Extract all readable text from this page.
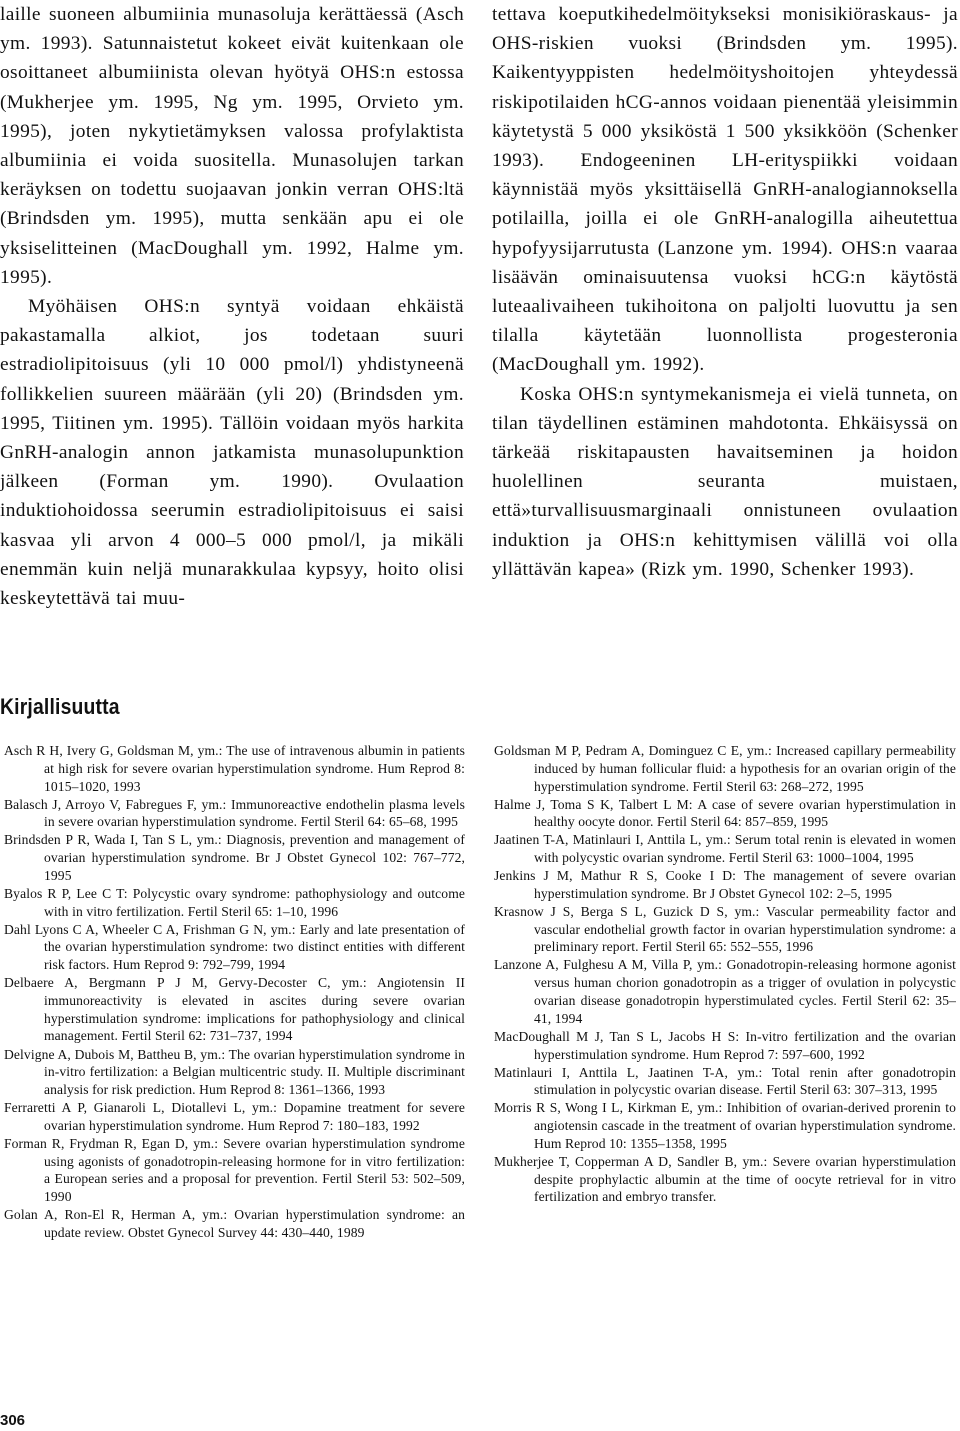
laille suoneen albumiinia munasoluja kerättäessä (Asch ym. 1993). Satunnaistetut kokeet eivät kuitenkaan ole osoittaneet albumiinista olevan hyötyä OHS:n estossa (Mukherjee ym. 1995, Ng ym. 1995, Orvieto ym. 1995), joten nykytietämyksen valossa profylaktista albumiinia ei voida suositella. Munasolujen tarkan keräyksen on todettu suojaavan jonkin verran OHS:ltä (Brindsden ym. 1995), mutta senkään apu ei ole yksiselitteinen (MacDoughall ym. 1992, Halme ym. 1995).

Myöhäisen OHS:n syntyä voidaan ehkäistä pakastamalla alkiot, jos todetaan suuri estradiolipitoisuus (yli 10 000 pmol/l) yhdistyneenä follikkelien suureen määrään (yli 20) (Brindsden ym. 1995, Tiitinen ym. 1995). Tällöin voidaan myös harkita GnRH-analogin annon jatkamista munasolupunktion jälkeen (Forman ym. 1990). Ovulaation induktiohoidossa seerumin estradiolipitoisuus ei saisi kasvaa yli arvon 4 000–5 000 pmol/l, ja mikäli enemmän kuin neljä munarakkulaa kypsyy, hoito olisi keskeytettävä tai muu-

tettava koeputkihedelmöitykseksi monisikiöraskaus- ja OHS-riskien vuoksi (Brindsden ym. 1995). Kaikentyyppisten hedelmöityshoitojen yhteydessä riskipotilaiden hCG-annos voidaan pienentää yleisimmin käytetystä 5 000 yksiköstä 1 500 yksikköön (Schenker 1993). Endogeeninen LH-erityspiikki voidaan käynnistää myös yksittäisellä GnRH-analogiannoksella potilailla, joilla ei ole GnRH-analogilla aiheutettua hypofyysijarrutusta (Lanzone ym. 1994). OHS:n vaaraa lisäävän ominaisuutensa vuoksi hCG:n käytöstä luteaalivaiheen tukihoitona on paljolti luovuttu ja sen tilalla käytetään luonnollista progesteronia (MacDoughall ym. 1992).

Koska OHS:n syntymekanismeja ei vielä tunneta, on tilan täydellinen estäminen mahdotonta. Ehkäisyssä on tärkeää riskitapausten havaitseminen ja hoidon huolellinen seuranta muistaen, että»turvallisuusmarginaali onnistuneen ovulaation induktion ja OHS:n kehittymisen välillä voi olla yllättävän kapea» (Rizk ym. 1990, Schenker 1993).

Kirjallisuutta
Asch R H, Ivery G, Goldsman M, ym.: The use of intravenous albumin in patients at high risk for severe ovarian hyperstimulation syndrome. Hum Reprod 8: 1015–1020, 1993
Balasch J, Arroyo V, Fabregues F, ym.: Immunoreactive endothelin plasma levels in severe ovarian hyperstimulation syndrome. Fertil Steril 64: 65–68, 1995
Brindsden P R, Wada I, Tan S L, ym.: Diagnosis, prevention and management of ovarian hyperstimulation syndrome. Br J Obstet Gynecol 102: 767–772, 1995
Byalos R P, Lee C T: Polycystic ovary syndrome: pathophysiology and outcome with in vitro fertilization. Fertil Steril 65: 1–10, 1996
Dahl Lyons C A, Wheeler C A, Frishman G N, ym.: Early and late presentation of the ovarian hyperstimulation syndrome: two distinct entities with different risk factors. Hum Reprod 9: 792–799, 1994
Delbaere A, Bergmann P J M, Gervy-Decoster C, ym.: Angiotensin II immunoreactivity is elevated in ascites during severe ovarian hyperstimulation syndrome: implications for pathophysiology and clinical management. Fertil Steril 62: 731–737, 1994
Delvigne A, Dubois M, Battheu B, ym.: The ovarian hyperstimulation syndrome in in-vitro fertilization: a Belgian multicentric study. II. Multiple discriminant analysis for risk prediction. Hum Reprod 8: 1361–1366, 1993
Ferraretti A P, Gianaroli L, Diotallevi L, ym.: Dopamine treatment for severe ovarian hyperstimulation syndrome. Hum Reprod 7: 180–183, 1992
Forman R, Frydman R, Egan D, ym.: Severe ovarian hyperstimulation syndrome using agonists of gonadotropin-releasing hormone for in vitro fertilization: a European series and a proposal for prevention. Fertil Steril 53: 502–509, 1990
Golan A, Ron-El R, Herman A, ym.: Ovarian hyperstimulation syndrome: an update review. Obstet Gynecol Survey 44: 430–440, 1989
Goldsman M P, Pedram A, Dominguez C E, ym.: Increased capillary permeability induced by human follicular fluid: a hypothesis for an ovarian origin of the hyperstimulation syndrome. Fertil Steril 63: 268–272, 1995
Halme J, Toma S K, Talbert L M: A case of severe ovarian hyperstimulation in healthy oocyte donor. Fertil Steril 64: 857–859, 1995
Jaatinen T-A, Matinlauri I, Anttila L, ym.: Serum total renin is elevated in women with polycystic ovarian syndrome. Fertil Steril 63: 1000–1004, 1995
Jenkins J M, Mathur R S, Cooke I D: The management of severe ovarian hyperstimulation syndrome. Br J Obstet Gynecol 102: 2–5, 1995
Krasnow J S, Berga S L, Guzick D S, ym.: Vascular permeability factor and vascular endothelial growth factor in ovarian hyperstimulation syndrome: a preliminary report. Fertil Steril 65: 552–555, 1996
Lanzone A, Fulghesu A M, Villa P, ym.: Gonadotropin-releasing hormone agonist versus human chorion gonadotropin as a trigger of ovulation in polycystic ovarian disease gonadotropin hyperstimulated cycles. Fertil Steril 62: 35–41, 1994
MacDoughall M J, Tan S L, Jacobs H S: In-vitro fertilization and the ovarian hyperstimulation syndrome. Hum Reprod 7: 597–600, 1992
Matinlauri I, Anttila L, Jaatinen T-A, ym.: Total renin after gonadotropin stimulation in polycystic ovarian disease. Fertil Steril 63: 307–313, 1995
Morris R S, Wong I L, Kirkman E, ym.: Inhibition of ovarian-derived prorenin to angiotensin cascade in the treatment of ovarian hyperstimulation syndrome. Hum Reprod 10: 1355–1358, 1995
Mukherjee T, Copperman A D, Sandler B, ym.: Severe ovarian hyperstimulation despite prophylactic albumin at the time of oocyte retrieval for in vitro fertilization and embryo transfer.
306
